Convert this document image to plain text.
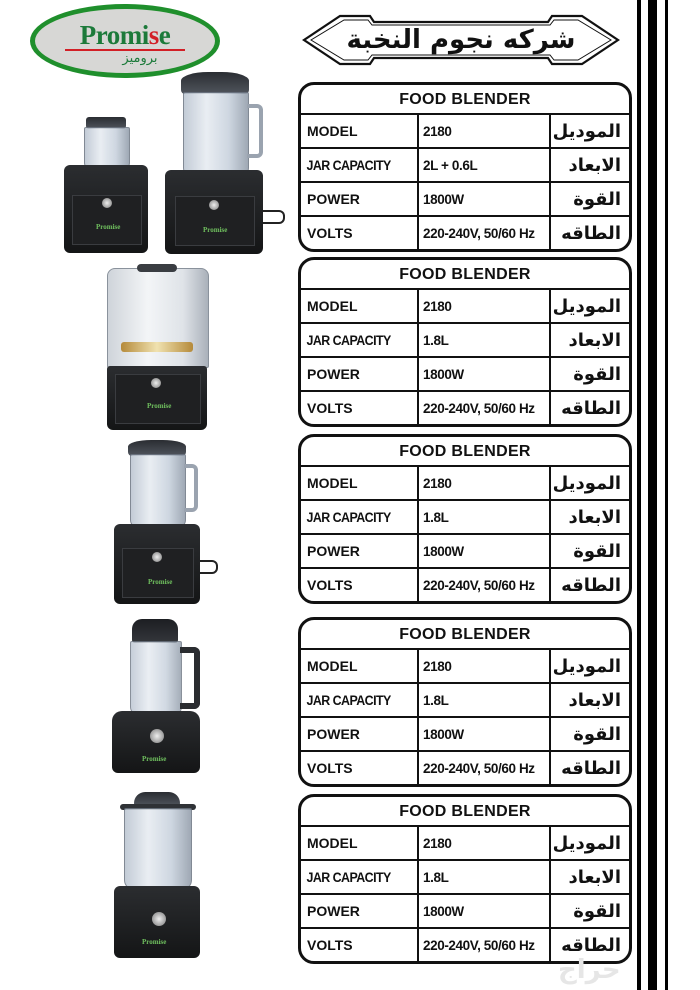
Promise
بروميز
شركه نجوم النخبة
Promise	Promise
Promise
Promise
Promise
Promise
FOOD BLENDER
MODEL	2180	الموديل
JAR CAPACITY	2L + 0.6L	الابعاد
POWER	1800W	القوة
VOLTS	220-240V, 50/60 Hz	الطاقه
FOOD BLENDER
MODEL	2180	الموديل
JAR CAPACITY	1.8L	الابعاد
POWER	1800W	القوة
VOLTS	220-240V, 50/60 Hz	الطاقه
FOOD BLENDER
MODEL	2180	الموديل
JAR CAPACITY	1.8L	الابعاد
POWER	1800W	القوة
VOLTS	220-240V, 50/60 Hz	الطاقه
FOOD BLENDER
MODEL	2180	الموديل
JAR CAPACITY	1.8L	الابعاد
POWER	1800W	القوة
VOLTS	220-240V, 50/60 Hz	الطاقه
FOOD BLENDER
MODEL	2180	الموديل
JAR CAPACITY	1.8L	الابعاد
POWER	1800W	القوة
VOLTS	220-240V, 50/60 Hz	الطاقه
حراج
